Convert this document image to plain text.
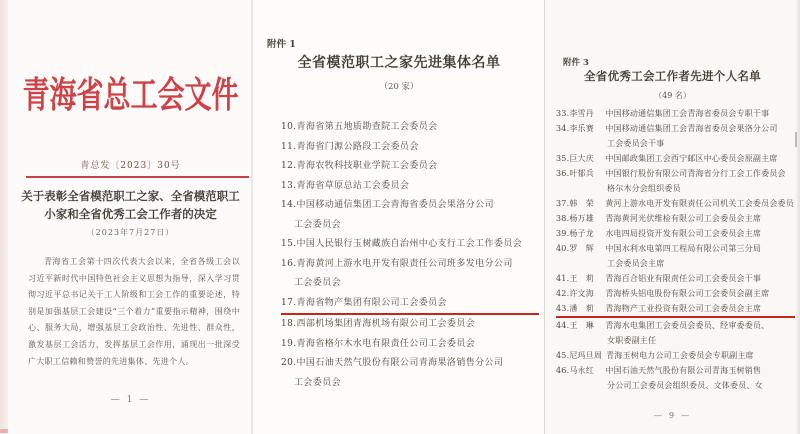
青海省总工会文件
青总发〔2023〕30号
关于表彰全省模范职工之家、全省模范职工
小家和全省优秀工会工作者的决定
（2023年7月27日）
青海省工会第十四次代表大会以来，全省各级工会以习近平新时代中国特色社会主义思想为指导，深入学习贯彻习近平总书记关于工人阶级和工会工作的重要论述，特别是加强基层工会建设“三个着力”重要指示精神，围绕中心、服务大局，增强基层工会政治性、先进性、群众性，激发基层工会活力，发挥基层工会作用，涌现出一批深受广大职工信赖和赞誉的先进集体、先进个人。
— 1 —
附件 1
全省模范职工之家先进集体名单
（20 家）
10.青海省第五地质勘查院工会委员会
11.青海省门源公路段工会委员会
12.青海农牧科技职业学院工会委员会
13.青海省草原总站工会委员会
14.中国移动通信集团工会青海省委员会果洛分公司
工会委员会
15.中国人民银行玉树藏族自治州中心支行工会工作委员会
16.青海黄河上游水电开发有限责任公司班多发电分公司
工会委员会
17.青海省物产集团有限公司工会委员会
18.西部机场集团青海机场有限公司工会委员会
19.青海省格尔木水电有限责任公司工会委员会
20.中国石油天然气股份有限公司青海果洛销售分公司
工会委员会
附件 3
全省优秀工会工作者先进个人名单
（49 名）
33.李雪丹 中国移动通信集团工会青海省委员会专职干事
34.李乐赛 中国移动通信集团工会青海省委员会果洛分公司
工会委员会干事
35.巨大庆 中国邮政集团工会西宁邮区中心委员会原副主席
36.叶郁兵 中国银行股份有限公司青海省分行工会工作委员会
格尔木分会组织委员
37.韩　荣 黄河上游水电开发有限责任公司机关工会委员会委员
38.杨万雄 青海黄河光伏维检有限公司工会委员会主席
39.杨子龙 水电四局投资开发有限公司工会委员会主席
40.罗　辉 中国水利水电第四工程局有限公司第三分局
工会委员会主席
41.王　莉 青海百合铝业有限责任公司工会委员会干事
42.许文海 青海桥头铝电股份有限公司工会委员会副主席
43.潘　莉 青海物产工业投资有限公司工会委员会主席
44.王　琳 青海水电集团工会委员会委员、经审委委员、
女职委副主任
45.尼玛旦周 青海玉树电力公司工会委员会专职副主席
46.马永红 中国石油天然气股份有限公司青海玉树销售
分公司工会委员会组织委员、文体委员、女
— 9 —
